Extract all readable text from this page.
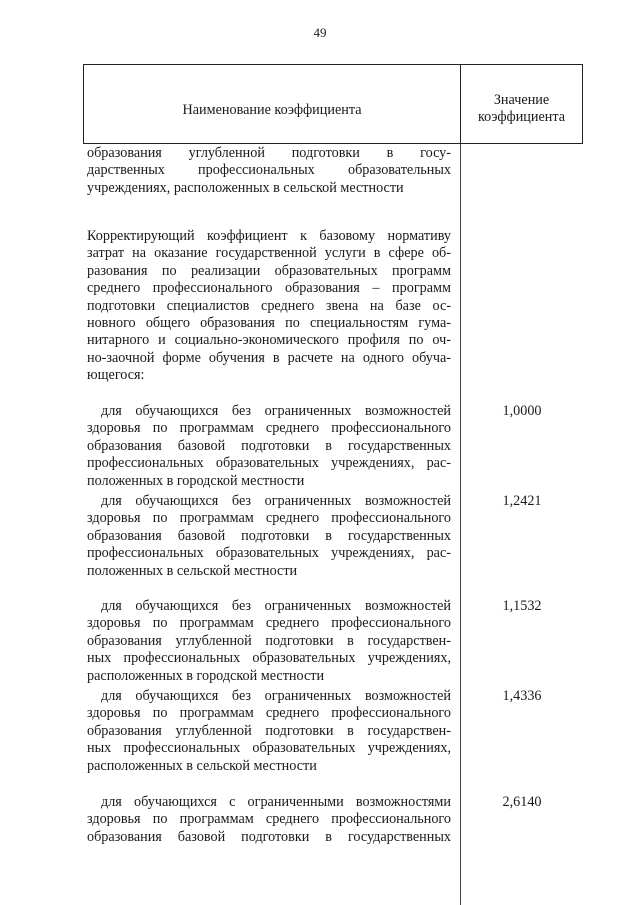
49
Наименование коэффициента
Значение
коэффициента
образования углубленной подготовки в госу-
дарственных профессиональных образовательных
учреждениях, расположенных в сельской местности
Корректирующий коэффициент к базовому нормативу
затрат на оказание государственной услуги в сфере об-
разования по реализации образовательных программ
среднего профессионального образования – программ
подготовки специалистов среднего звена на базе ос-
новного общего образования по специальностям гума-
нитарного и социально-экономического профиля по оч-
но-заочной форме обучения в расчете на одного обуча-
ющегося:
для обучающихся без ограниченных возможностей
здоровья по программам среднего профессионального
образования базовой подготовки в государственных
профессиональных образовательных учреждениях, рас-
положенных в городской местности
1,0000
для обучающихся без ограниченных возможностей
здоровья по программам среднего профессионального
образования базовой подготовки в государственных
профессиональных образовательных учреждениях, рас-
положенных в сельской местности
1,2421
для обучающихся без ограниченных возможностей
здоровья по программам среднего профессионального
образования углубленной подготовки в государствен-
ных профессиональных образовательных учреждениях,
расположенных в городской местности
1,1532
для обучающихся без ограниченных возможностей
здоровья по программам среднего профессионального
образования углубленной подготовки в государствен-
ных профессиональных образовательных учреждениях,
расположенных в сельской местности
1,4336
для обучающихся с ограниченными возможностями
здоровья по программам среднего профессионального
образования базовой подготовки в государственных
2,6140
